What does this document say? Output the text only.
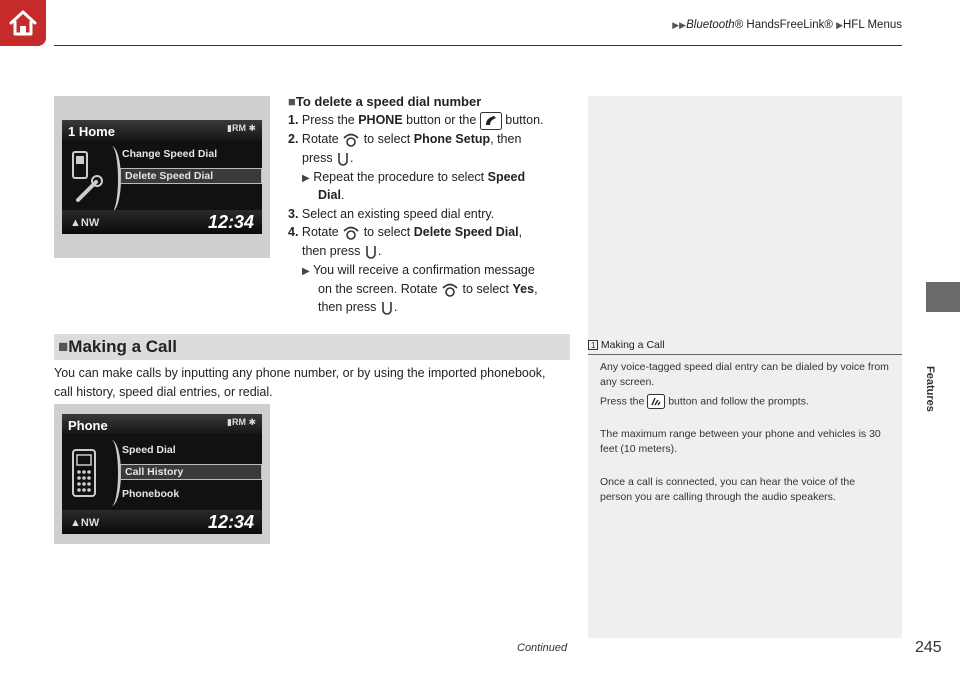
▶▶Bluetooth® HandsFreeLink® ▶HFL Menus
Features
1 Home	▮RM ✱
Change Speed Dial
Delete Speed Dial
▲NW	12:34
■To delete a speed dial number
1. Press the PHONE button or the  button.
2. Rotate  to select Phone Setup, then
press .
▶ Repeat the procedure to select Speed
Dial.
3. Select an existing speed dial entry.
4. Rotate  to select Delete Speed Dial,
then press .
▶ You will receive a confirmation message
on the screen. Rotate  to select Yes,
then press .
■Making a Call
You can make calls by inputting any phone number, or by using the imported phonebook, call history, speed dial entries, or redial.
Phone	▮RM ✱
Speed Dial
Call History
Phonebook
▲NW	12:34
1 Making a Call
Any voice-tagged speed dial entry can be dialed by voice from any screen.
Press the  button and follow the prompts.
The maximum range between your phone and vehicles is 30 feet (10 meters).
Once a call is connected, you can hear the voice of the person you are calling through the audio speakers.
Continued	245
